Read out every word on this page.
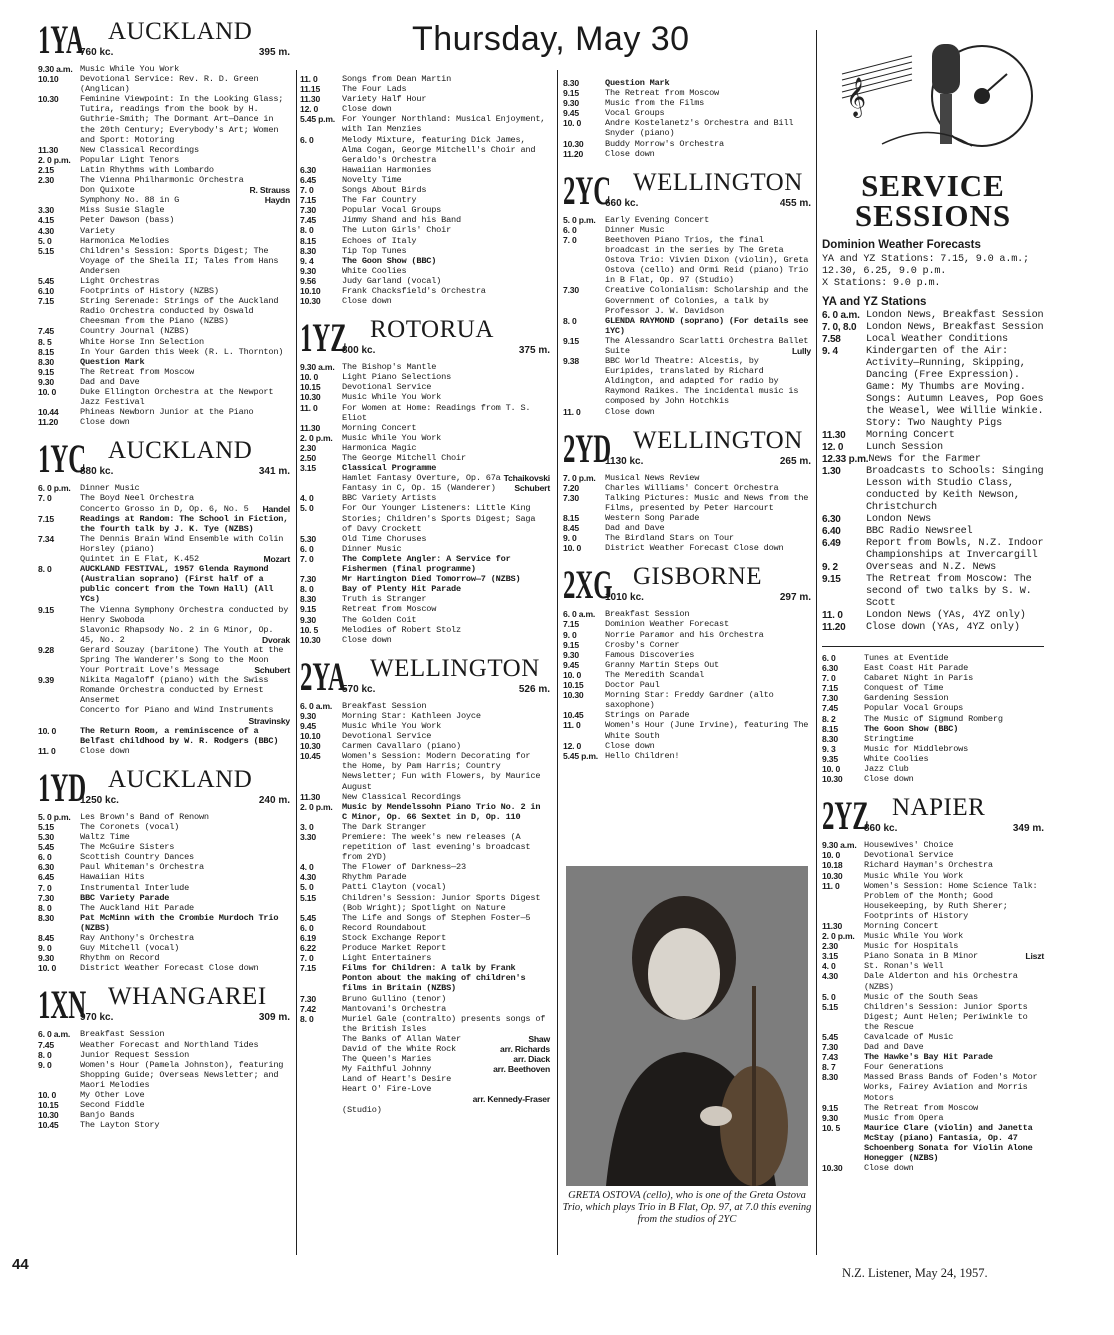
Thursday, May 30
1YA
760 kc.
AUCKLAND
395 m.
9.30 a.m. Music While You Work
10.10	Devotional Service: Rev. R. D. Green (Anglican)
10.30	Feminine Viewpoint: In the Looking Glass; Tutira, readings from the book by H. Guthrie-Smith; The Dormant Art—Dance in the 20th Century; Everybody's Art; Women and Sport: Motoring
11.30	New Classical Recordings
2. 0 p.m.	Popular Light Tenors
2.15	Latin Rhythms with Lombardo
2.30	The Vienna Philharmonic Orchestra
Don Quixote	R. Strauss
Symphony No. 88 in G	Haydn
3.30	Miss Susie Slagle
4.15	Peter Dawson (bass)
4.30	Variety
5. 0	Harmonica Melodies
5.15	Children's Session: Sports Digest; The Voyage of the Sheila II; Tales from Hans Andersen
5.45	Light Orchestras
6.10	Footprints of History (NZBS)
7.15	String Serenade: Strings of the Auckland Radio Orchestra conducted by Oswald Cheesman from the Piano (NZBS)
7.45	Country Journal (NZBS)
8. 5	White Horse Inn Selection
8.15	In Your Garden this Week (R. L. Thornton)
8.30	Question Mark
9.15	The Retreat from Moscow
9.30	Dad and Dave
10. 0	Duke Ellington Orchestra at the Newport Jazz Festival
10.44	Phineas Newborn Junior at the Piano
11.20	Close down
1YC
880 kc.
AUCKLAND
341 m.
6. 0 p.m.	Dinner Music
7. 0	The Boyd Neel Orchestra
Concerto Grosso in D, Op. 6, No. 5 Handel
7.15	Readings at Random: The School in Fiction, the fourth talk by J. K. Tye (NZBS)
7.34	The Dennis Brain Wind Ensemble with Colin Horsley (piano)
Quintet in E Flat, K.452	Mozart
8. 0	AUCKLAND FESTIVAL, 1957 Glenda Raymond (Australian soprano) (First half of a public concert from the Town Hall) (All YCs)
9.15	The Vienna Symphony Orchestra conducted by Henry Swoboda
Slavonic Rhapsody No. 2 in G Minor, Op. 45, No. 2	Dvorak
9.28	Gerard Souzay (baritone) The Youth at the Spring The Wanderer's Song to the Moon Your Portrait Love's Message	Schubert
9.39	Nikita Magaloff (piano) with the Swiss Romande Orchestra conducted by Ernest Ansermet
Concerto for Piano and Wind Instruments
Stravinsky
10. 0	The Return Room, a reminiscence of a Belfast childhood by W. R. Rodgers (BBC)
11. 0	Close down
1YD
1250 kc.
AUCKLAND
240 m.
5. 0 p.m.	Les Brown's Band of Renown
5.15	The Coronets (vocal)
5.30	Waltz Time
5.45	The McGuire Sisters
6. 0	Scottish Country Dances
6.30	Paul Whiteman's Orchestra
6.45	Hawaiian Hits
7. 0	Instrumental Interlude
7.30	BBC Variety Parade
8. 0	The Auckland Hit Parade
8.30	Pat McMinn with the Crombie Murdoch Trio (NZBS)
8.45	Ray Anthony's Orchestra
9. 0	Guy Mitchell (vocal)
9.30	Rhythm on Record
10. 0	District Weather Forecast Close down
1XN
970 kc.
WHANGAREI
309 m.
6. 0 a.m.	Breakfast Session
7.45	Weather Forecast and Northland Tides
8. 0	Junior Request Session
9. 0	Women's Hour (Pamela Johnston), featuring Shopping Guide; Overseas Newsletter; and Maori Melodies
10. 0	My Other Love
10.15	Second Fiddle
10.30	Banjo Bands
10.45	The Layton Story
11. 0	Songs from Dean Martin
11.15	The Four Lads
11.30	Variety Half Hour
12. 0	Close down
5.45 p.m. For Younger Northland: Musical Enjoyment, with Ian Menzies
6. 0	Melody Mixture, featuring Dick James, Alma Cogan, George Mitchell's Choir and Geraldo's Orchestra
6.30	Hawaiian Harmonies
6.45	Novelty Time
7. 0	Songs About Birds
7.15	The Far Country
7.30	Popular Vocal Groups
7.45	Jimmy Shand and his Band
8. 0	The Luton Girls' Choir
8.15	Echoes of Italy
8.30	Tip Top Tunes
9. 4	The Goon Show (BBC)
9.30	White Coolies
9.56	Judy Garland (vocal)
10.10	Frank Chacksfield's Orchestra
10.30	Close down
1YZ
800 kc.
ROTORUA
375 m.
9.30 a.m. The Bishop's Mantle
10. 0	Light Piano Selections
10.15	Devotional Service
10.30	Music While You Work
11. 0	For Women at Home: Readings from T. S. Eliot
11.30	Morning Concert
2. 0 p.m.	Music While You Work
2.30	Harmonica Magic
2.50	The George Mitchell Choir
3.15	Classical Programme
Hamlet Fantasy Overture, Op. 67a Tchaikovski
Fantasy in C, Op. 15 (Wanderer) Schubert
4. 0	BBC Variety Artists
5. 0	For Our Younger Listeners: Little King Stories; Children's Sports Digest; Saga of Davy Crockett
5.30	Old Time Choruses
6. 0	Dinner Music
7. 0	The Complete Angler: A Service for Fishermen (final programme)
7.30	Mr Hartington Died Tomorrow—7 (NZBS)
8. 0	Bay of Plenty Hit Parade
8.30	Truth is Stranger
9.15	Retreat from Moscow
9.30	The Golden Coit
10. 5	Melodies of Robert Stolz
10.30	Close down
2YA
570 kc.
WELLINGTON
526 m.
6. 0 a.m.	Breakfast Session
9.30	Morning Star: Kathleen Joyce
9.45	Music While You Work
10.10	Devotional Service
10.30	Carmen Cavallaro (piano)
10.45	Women's Session: Modern Decorating for the Home, by Pam Harris; Country Newsletter; Fun with Flowers, by Maurice August
11.30	New Classical Recordings
2. 0 p.m.	Music by Mendelssohn Piano Trio No. 2 in C Minor, Op. 66 Sextet in D, Op. 110
3. 0	The Dark Stranger
3.30	Premiere: The week's new releases (A repetition of last evening's broadcast from 2YD)
4. 0	The Flower of Darkness—23
4.30	Rhythm Parade
5. 0	Patti Clayton (vocal)
5.15	Children's Session: Junior Sports Digest (Bob Wright); Spotlight on Nature
5.45	The Life and Songs of Stephen Foster—5
6. 0	Record Roundabout
6.19	Stock Exchange Report
6.22	Produce Market Report
7. 0	Light Entertainers
7.15	Films for Children: A talk by Frank Ponton about the making of children's films in Britain (NZBS)
7.30	Bruno Gullino (tenor)
7.42	Mantovani's Orchestra
8. 0	Muriel Gale (contralto) presents songs of the British Isles
The Banks of Allan Water	Shaw
David of the White Rock	arr. Richards
The Queen's Maries	arr. Diack
My Faithful Johnny	arr. Beethoven
Land of Heart's Desire
Heart O' Fire-Love
arr. Kennedy-Fraser
(Studio)
8.30	Question Mark
9.15	The Retreat from Moscow
9.30	Music from the Films
9.45	Vocal Groups
10. 0	Andre Kostelanetz's Orchestra and Bill Snyder (piano)
10.30	Buddy Morrow's Orchestra
11.20	Close down
2YC
660 kc.
WELLINGTON
455 m.
5. 0 p.m.	Early Evening Concert
6. 0	Dinner Music
7. 0	Beethoven Piano Trios, the final broadcast in the series by The Greta Ostova Trio: Vivien Dixon (violin), Greta Ostova (cello) and Ormi Reid (piano) Trio in B Flat, Op. 97 (Studio)
7.30	Creative Colonialism: Scholarship and the Government of Colonies, a talk by Professor J. W. Davidson
8. 0	GLENDA RAYMOND (soprano) (For details see 1YC)
9.15	The Alessandro Scarlatti Orchestra Ballet Suite	Lully
9.38	BBC World Theatre: Alcestis, by Euripides, translated by Richard Aldington, and adapted for radio by Raymond Raikes. The incidental music is composed by John Hotchkis
11. 0	Close down
2YD
1130 kc.
WELLINGTON
265 m.
7. 0 p.m.	Musical News Review
7.20	Charles Williams' Concert Orchestra
7.30	Talking Pictures: Music and News from the Films, presented by Peter Harcourt
8.15	Western Song Parade
8.45	Dad and Dave
9. 0	The Birdland Stars on Tour
10. 0	District Weather Forecast Close down
2XG
1010 kc.
GISBORNE
297 m.
6. 0 a.m.	Breakfast Session
7.15	Dominion Weather Forecast
9. 0	Norrie Paramor and his Orchestra
9.15	Crosby's Corner
9.30	Famous Discoveries
9.45	Granny Martin Steps Out
10. 0	The Meredith Scandal
10.15	Doctor Paul
10.30	Morning Star: Freddy Gardner (alto saxophone)
10.45	Strings on Parade
11. 0	Women's Hour (June Irvine), featuring The White South
12. 0	Close down
5.45 p.m. Hello Children!
GRETA OSTOVA (cello), who is one of the Greta Ostova Trio, which plays Trio in B Flat, Op. 97, at 7.0 this evening from the studios of 2YC
𝄞
SERVICE
SESSIONS
Dominion Weather Forecasts
YA and YZ Stations: 7.15, 9.0 a.m.; 12.30, 6.25, 9.0 p.m.
X Stations: 9.0 p.m.
YA and YZ Stations
6. 0 a.m. London News, Breakfast Session
7. 0, 8.0 London News, Breakfast Session
7.58	Local Weather Conditions
9. 4	Kindergarten of the Air: Activity—Running, Skipping, Dancing (Free Expression). Game: My Thumbs are Moving. Songs: Autumn Leaves, Pop Goes the Weasel, Wee Willie Winkie. Story: Two Naughty Pigs
11.30	Morning Concert
12. 0	Lunch Session
12.33 p.m. News for the Farmer
1.30	Broadcasts to Schools: Singing Lesson with Studio Class, conducted by Keith Newson, Christchurch
6.30	London News
6.40	BBC Radio Newsreel
6.49	Report from Bowls, N.Z. Indoor Championships at Invercargill
9. 2	Overseas and N.Z. News
9.15	The Retreat from Moscow: The second of two talks by S. W. Scott
11. 0	London News (YAs, 4YZ only)
11.20	Close down (YAs, 4YZ only)
6. 0	Tunes at Eventide
6.30	East Coast Hit Parade
7. 0	Cabaret Night in Paris
7.15	Conquest of Time
7.30	Gardening Session
7.45	Popular Vocal Groups
8. 2	The Music of Sigmund Romberg
8.15	The Goon Show (BBC)
8.30	Stringtime
9. 3	Music for Middlebrows
9.35	White Coolies
10. 0	Jazz Club
10.30	Close down
2YZ
860 kc.
NAPIER
349 m.
9.30 a.m. Housewives' Choice
10. 0	Devotional Service
10.18	Richard Hayman's Orchestra
10.30	Music While You Work
11. 0	Women's Session: Home Science Talk: Problem of the Month; Good Housekeeping, by Ruth Sherer; Footprints of History
11.30	Morning Concert
2. 0 p.m.	Music While You Work
2.30	Music for Hospitals
3.15	Piano Sonata in B Minor	Liszt
4. 0	St. Ronan's Well
4.30	Dale Alderton and his Orchestra (NZBS)
5. 0	Music of the South Seas
5.15	Children's Session: Junior Sports Digest; Aunt Helen; Periwinkle to the Rescue
5.45	Cavalcade of Music
7.30	Dad and Dave
7.43	The Hawke's Bay Hit Parade
8. 7	Four Generations
8.30	Massed Brass Bands of Foden's Motor Works, Fairey Aviation and Morris Motors
9.15	The Retreat from Moscow
9.30	Music from Opera
10. 5	Maurice Clare (violin) and Janetta McStay (piano) Fantasia, Op. 47 Schoenberg Sonata for Violin Alone Honegger (NZBS)
10.30	Close down
44	N.Z. Listener, May 24, 1957.
